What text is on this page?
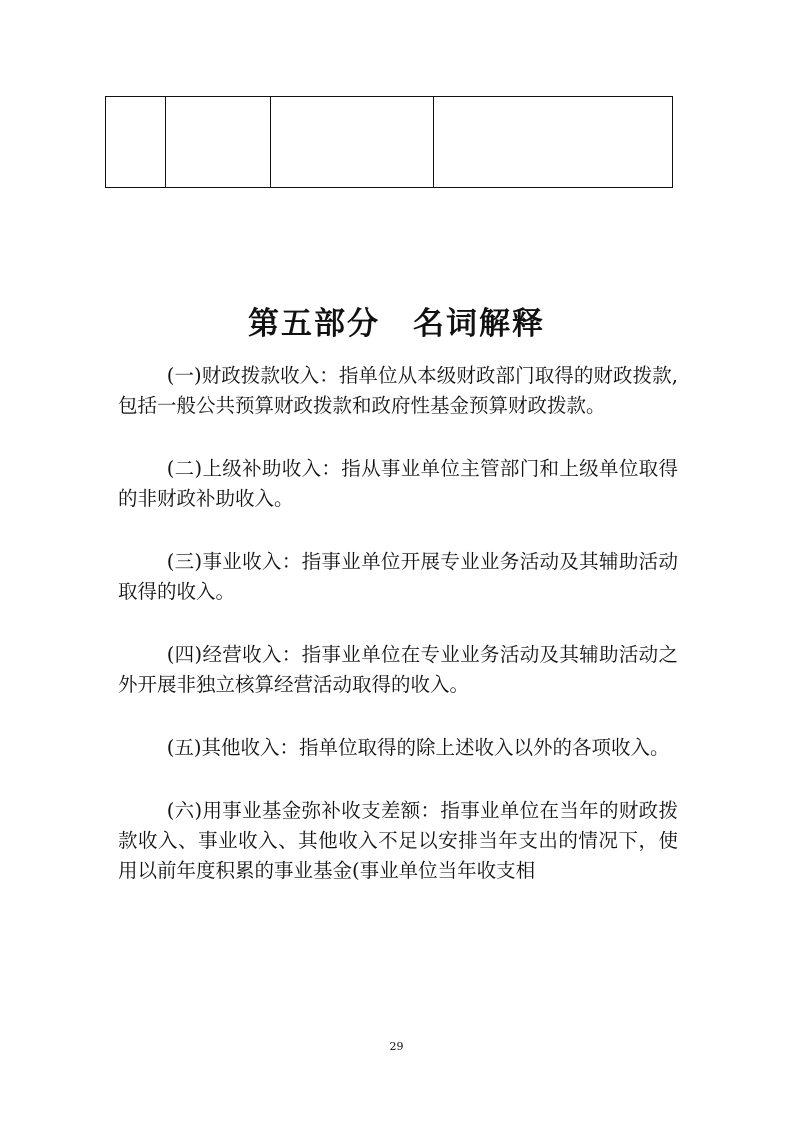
第五部分　名词解释

(一)财政拨款收入：指单位从本级财政部门取得的财政拨款,包括一般公共预算财政拨款和政府性基金预算财政拨款。

(二)上级补助收入：指从事业单位主管部门和上级单位取得的非财政补助收入。

(三)事业收入：指事业单位开展专业业务活动及其辅助活动取得的收入。

(四)经营收入：指事业单位在专业业务活动及其辅助活动之外开展非独立核算经营活动取得的收入。

(五)其他收入：指单位取得的除上述收入以外的各项收入。

(六)用事业基金弥补收支差额：指事业单位在当年的财政拨款收入、事业收入、其他收入不足以安排当年支出的情况下，使用以前年度积累的事业基金(事业单位当年收支相

29
